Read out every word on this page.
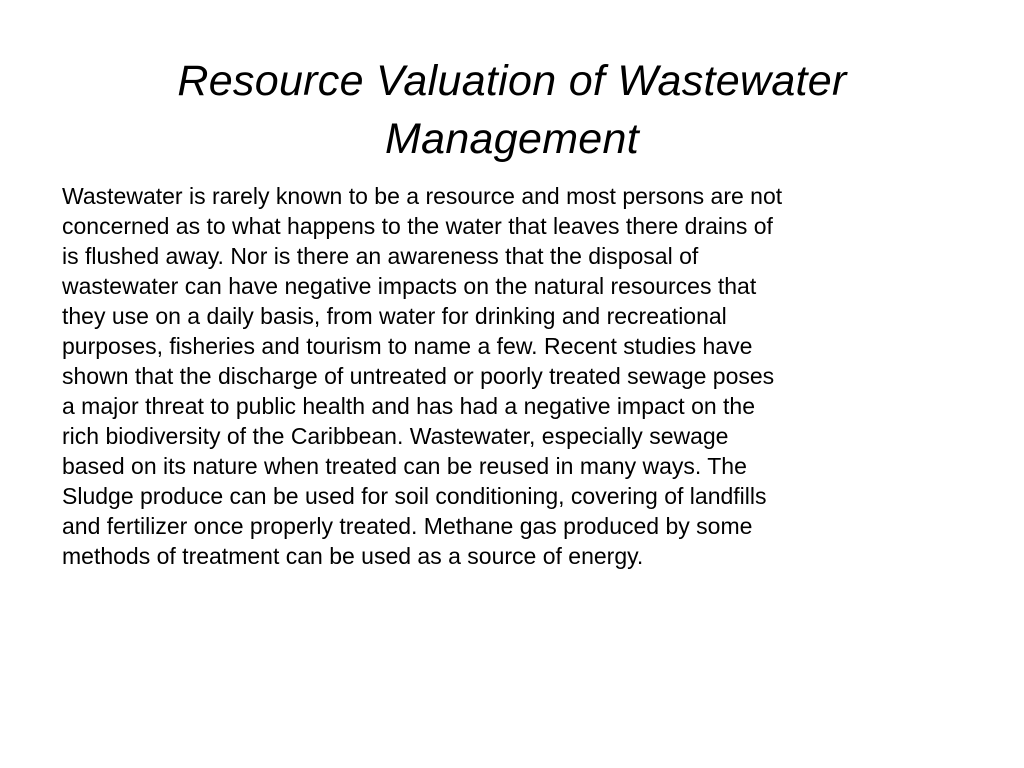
Resource Valuation of Wastewater
Management
Wastewater is rarely known to be a resource and most persons are not
concerned as to what happens to the water that leaves there drains of
is flushed away. Nor is there an awareness that the disposal of
wastewater can have negative impacts on the natural resources that
they use on a daily basis, from water for drinking and recreational
purposes, fisheries and tourism to name a few. Recent studies have
shown that the discharge of untreated or poorly treated sewage poses
a major threat to public health and has had a negative impact on the
rich biodiversity of the Caribbean. Wastewater, especially sewage
based on its nature when treated can be reused in many ways. The
Sludge produce can be used for soil conditioning, covering of landfills
and fertilizer once properly treated. Methane gas produced by some
methods of treatment can be used as a source of energy.
